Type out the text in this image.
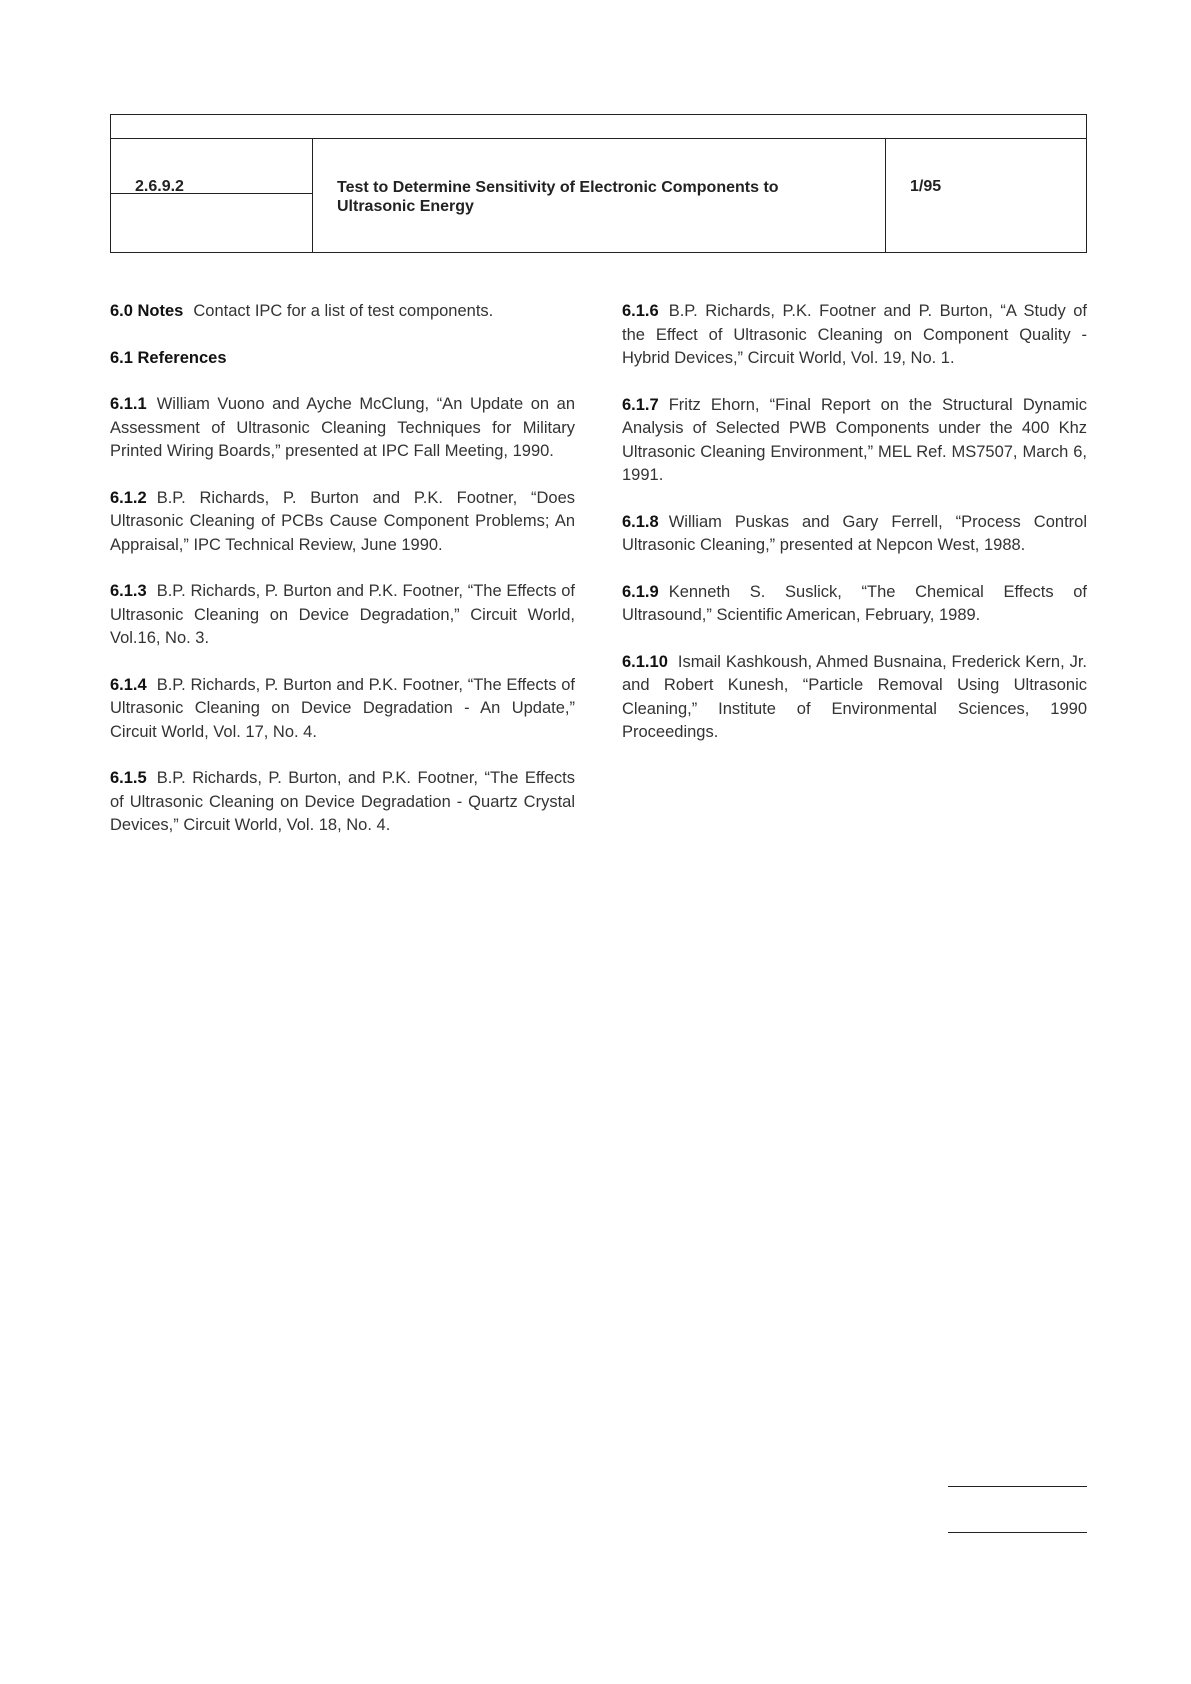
2.6.9.2	Test to Determine Sensitivity of Electronic Components to Ultrasonic Energy
1/95

6.0 Notes Contact IPC for a list of test components.

6.1 References

6.1.1 William Vuono and Ayche McClung, “An Update on an Assessment of Ultrasonic Cleaning Techniques for Military Printed Wiring Boards,” presented at IPC Fall Meeting, 1990.

6.1.2 B.P. Richards, P. Burton and P.K. Footner, “Does Ultrasonic Cleaning of PCBs Cause Component Problems; An Appraisal,” IPC Technical Review, June 1990.

6.1.3 B.P. Richards, P. Burton and P.K. Footner, “The Effects of Ultrasonic Cleaning on Device Degradation,” Circuit World, Vol.16, No. 3.

6.1.4 B.P. Richards, P. Burton and P.K. Footner, “The Effects of Ultrasonic Cleaning on Device Degradation - An Update,” Circuit World, Vol. 17, No. 4.

6.1.5 B.P. Richards, P. Burton, and P.K. Footner, “The Effects of Ultrasonic Cleaning on Device Degradation - Quartz Crystal Devices,” Circuit World, Vol. 18, No. 4.

6.1.6 B.P. Richards, P.K. Footner and P. Burton, “A Study of the Effect of Ultrasonic Cleaning on Component Quality - Hybrid Devices,” Circuit World, Vol. 19, No. 1.

6.1.7 Fritz Ehorn, “Final Report on the Structural Dynamic Analysis of Selected PWB Components under the 400 Khz Ultrasonic Cleaning Environment,” MEL Ref. MS7507, March 6, 1991.

6.1.8 William Puskas and Gary Ferrell, “Process Control Ultrasonic Cleaning,” presented at Nepcon West, 1988.

6.1.9 Kenneth S. Suslick, “The Chemical Effects of Ultrasound,” Scientific American, February, 1989.

6.1.10 Ismail Kashkoush, Ahmed Busnaina, Frederick Kern, Jr. and Robert Kunesh, “Particle Removal Using Ultrasonic Cleaning,” Institute of Environmental Sciences, 1990 Proceedings.
